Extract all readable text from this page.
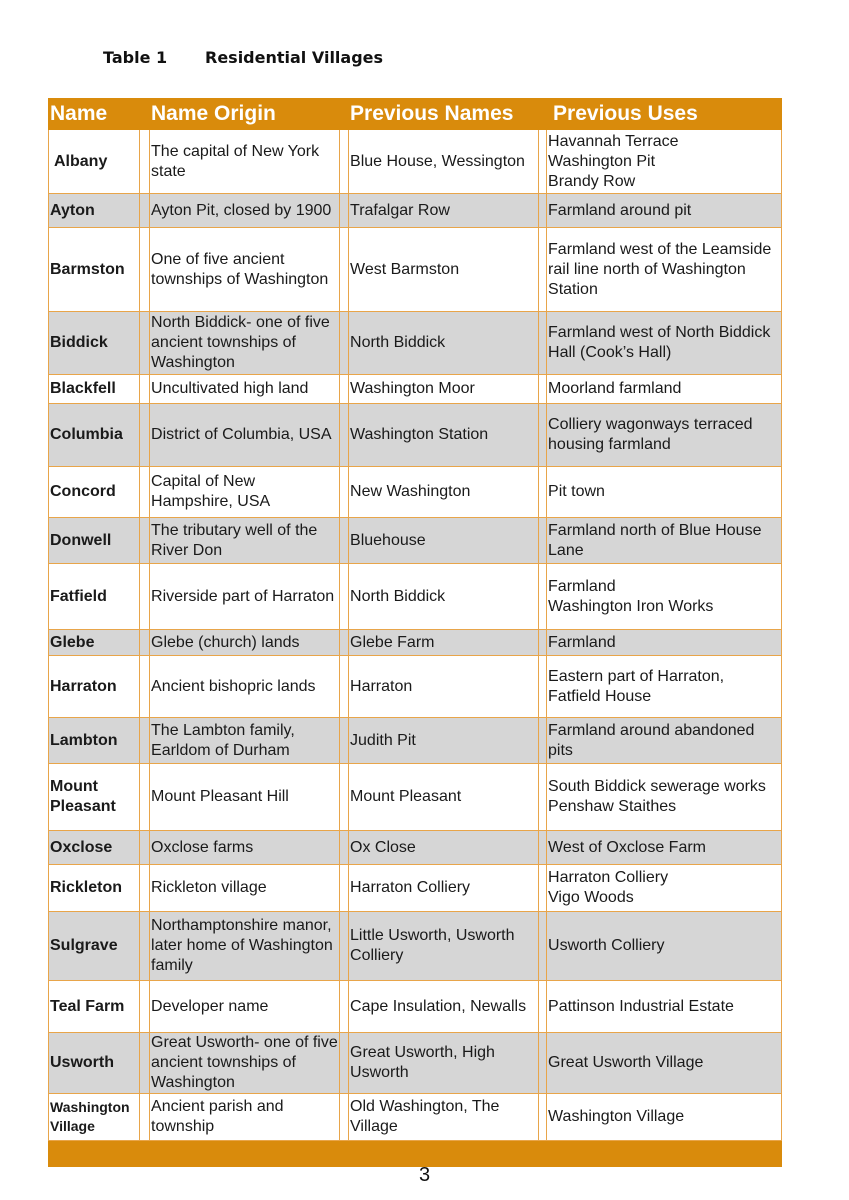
Table 1 Residential Villages
Name		Name Origin		Previous Names		Previous Uses
Albany		The capital of New York state		Blue House, Wessington		Havannah Terrace
Washington Pit
Brandy Row
Ayton		Ayton Pit, closed by 1900		Trafalgar Row		Farmland around pit
Barmston		One of five ancient townships of Washington		West Barmston		Farmland west of the Leamside rail line north of Washington Station
Biddick		North Biddick- one of five ancient townships of Washington		North Biddick		Farmland west of North Biddick Hall (Cook’s Hall)
Blackfell		Uncultivated high land		Washington Moor		Moorland farmland
Columbia		District of Columbia, USA		Washington Station		Colliery wagonways terraced housing farmland
Concord		Capital of New Hampshire, USA		New Washington		Pit town
Donwell		The tributary well of the River Don		Bluehouse		Farmland north of Blue House Lane
Fatfield		Riverside part of Harraton		North Biddick		Farmland
Washington Iron Works
Glebe		Glebe (church) lands		Glebe Farm		Farmland
Harraton		Ancient bishopric lands		Harraton		Eastern part of Harraton, Fatfield House
Lambton		The Lambton family, Earldom of Durham		Judith Pit		Farmland around abandoned pits
Mount Pleasant		Mount Pleasant Hill		Mount Pleasant		South Biddick sewerage works
Penshaw Staithes
Oxclose		Oxclose farms		Ox Close		West of Oxclose Farm
Rickleton		Rickleton village		Harraton Colliery		Harraton Colliery
Vigo Woods
Sulgrave		Northamptonshire manor, later home of Washington family		Little Usworth, Usworth Colliery		Usworth Colliery
Teal Farm		Developer name		Cape Insulation, Newalls		Pattinson Industrial Estate
Usworth		Great Usworth- one of five ancient townships of Washington		Great Usworth, High Usworth		Great Usworth Village
Washington Village		Ancient parish and township		Old Washington, The Village		Washington Village

3
